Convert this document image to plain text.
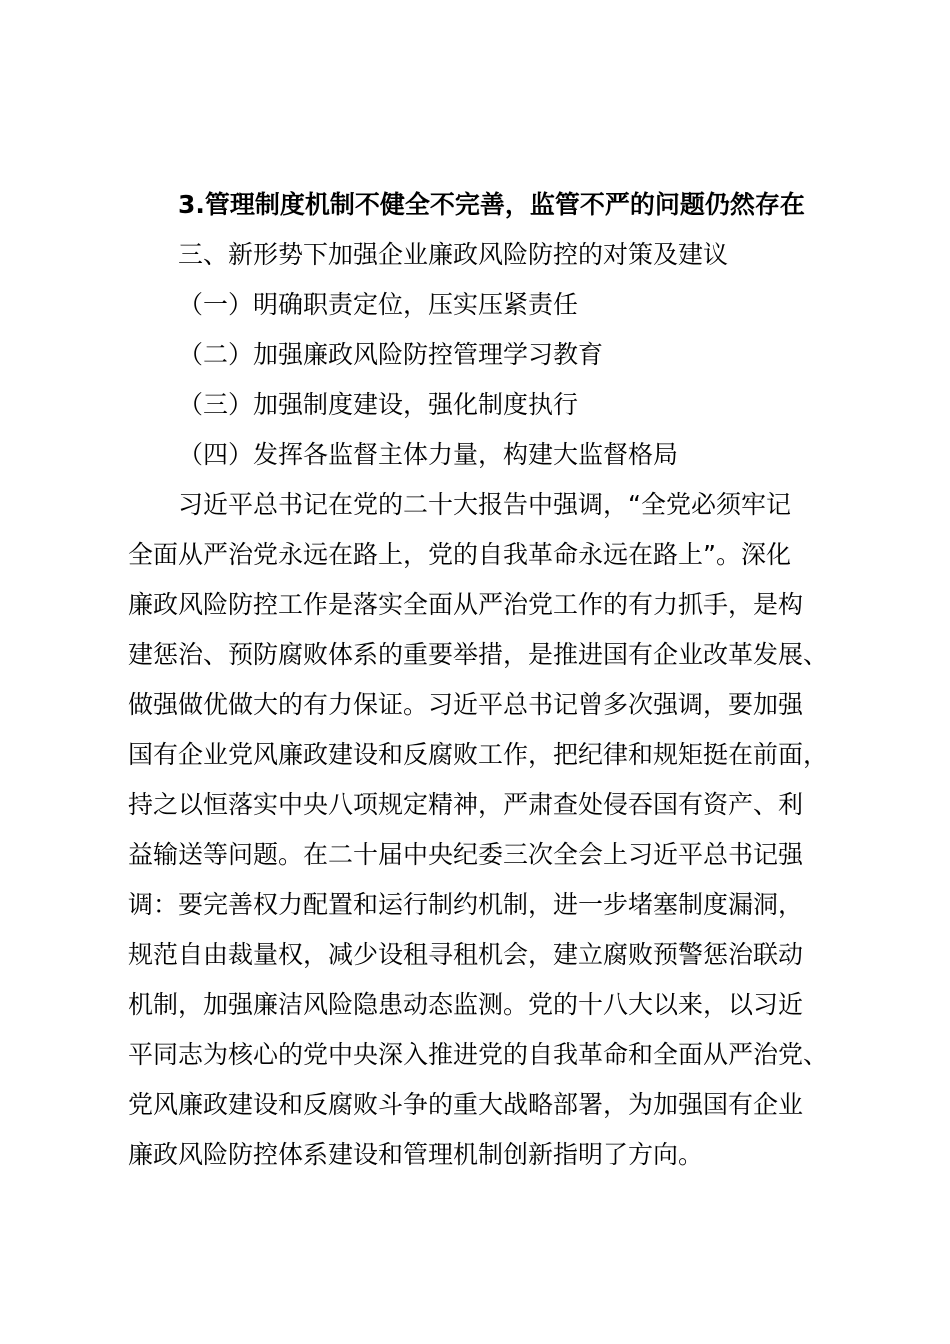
3.管理制度机制不健全不完善，监管不严的问题仍然存在
三、新形势下加强企业廉政风险防控的对策及建议
（一）明确职责定位，压实压紧责任
（二）加强廉政风险防控管理学习教育
（三）加强制度建设，强化制度执行
（四）发挥各监督主体力量，构建大监督格局
习近平总书记在党的二十大报告中强调，“全党必须牢记
全面从严治党永远在路上，党的自我革命永远在路上”。深化
廉政风险防控工作是落实全面从严治党工作的有力抓手，是构
建惩治、预防腐败体系的重要举措，是推进国有企业改革发展、
做强做优做大的有力保证。习近平总书记曾多次强调，要加强
国有企业党风廉政建设和反腐败工作，把纪律和规矩挺在前面，
持之以恒落实中央八项规定精神，严肃查处侵吞国有资产、利
益输送等问题。在二十届中央纪委三次全会上习近平总书记强
调：要完善权力配置和运行制约机制，进一步堵塞制度漏洞，
规范自由裁量权，减少设租寻租机会，建立腐败预警惩治联动
机制，加强廉洁风险隐患动态监测。党的十八大以来，以习近
平同志为核心的党中央深入推进党的自我革命和全面从严治党、
党风廉政建设和反腐败斗争的重大战略部署，为加强国有企业
廉政风险防控体系建设和管理机制创新指明了方向。
